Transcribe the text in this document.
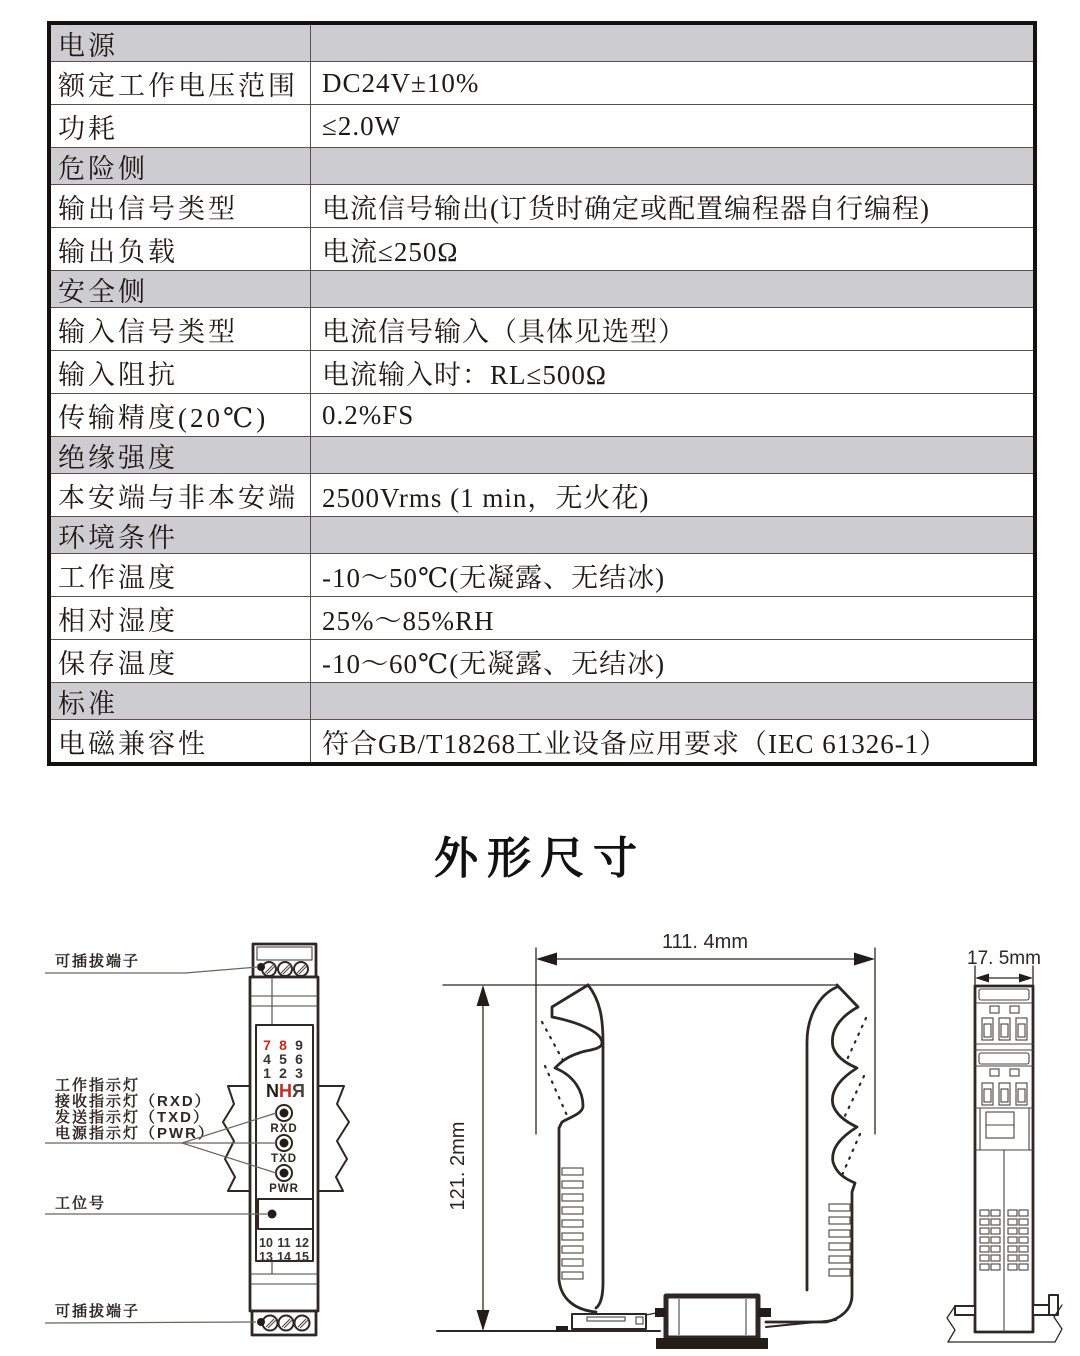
电源
额定工作电压范围 DC24V±10%
功耗	≤2.0W
危险侧
输出信号类型	电流信号输出(订货时确定或配置编程器自行编程)
输出负载	电流≤250Ω
安全侧
输入信号类型	电流信号输入（具体见选型）
输入阻抗	电流输入时：RL≤500Ω
传输精度(20℃)	0.2%FS
绝缘强度
本安端与非本安端 2500Vrms (1 min，无火花)
环境条件
工作温度	-10～50℃(无凝露、无结冰)
相对湿度	25%～85%RH
保存温度	-10～60℃(无凝露、无结冰)
标准
电磁兼容性	符合GB/T18268工业设备应用要求（IEC 61326-1）
外形尺寸
7 8 9
4 5 6
1 2 3
N H Я
RXD
TXD
PWR
10 11 12
13 14 15
可插拔端子
工作指示灯
接收指示灯（RXD）
发送指示灯（TXD）
电源指示灯（PWR）
工位号
可插拔端子
111. 4mm
121. 2mm
17. 5mm
